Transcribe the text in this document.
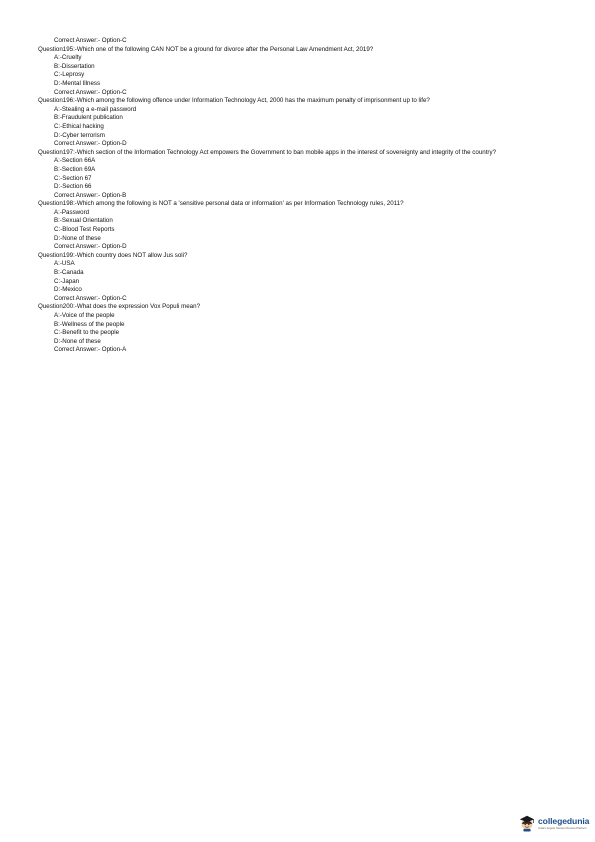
Correct Answer:- Option-C
Question195:-Which one of the following CAN NOT be a ground for divorce after the Personal Law Amendment Act, 2019?
A:-Cruelty
B:-Dissertation
C:-Leprosy
D:-Mental Illness
Correct Answer:- Option-C
Question196:-Which among the following offence under Information Technology Act, 2000 has the maximum penalty of imprisonment up to life?
A:-Stealing a e-mail password
B:-Fraudulent publication
C:-Ethical hacking
D:-Cyber terrorism
Correct Answer:- Option-D
Question197:-Which section of the Information Technology Act empowers the Government to ban mobile apps in the interest of sovereignty and integrity of the country?
A:-Section 66A
B:-Section 69A
C:-Section 67
D:-Section 66
Correct Answer:- Option-B
Question198:-Which among the following is NOT a 'sensitive personal data or information' as per Information Technology rules, 2011?
A:-Password
B:-Sexual Orientation
C:-Blood Test Reports
D:-None of these
Correct Answer:- Option-D
Question199:-Which country does NOT allow Jus soli?
A:-USA
B:-Canada
C:-Japan
D:-Mexico
Correct Answer:- Option-C
Question200:-What does the expression Vox Populi mean?
A:-Voice of the people
B:-Wellness of the people
C:-Benefit to the people
D:-None of these
Correct Answer:- Option-A
collegedunia
India's largest Student Review Platform
